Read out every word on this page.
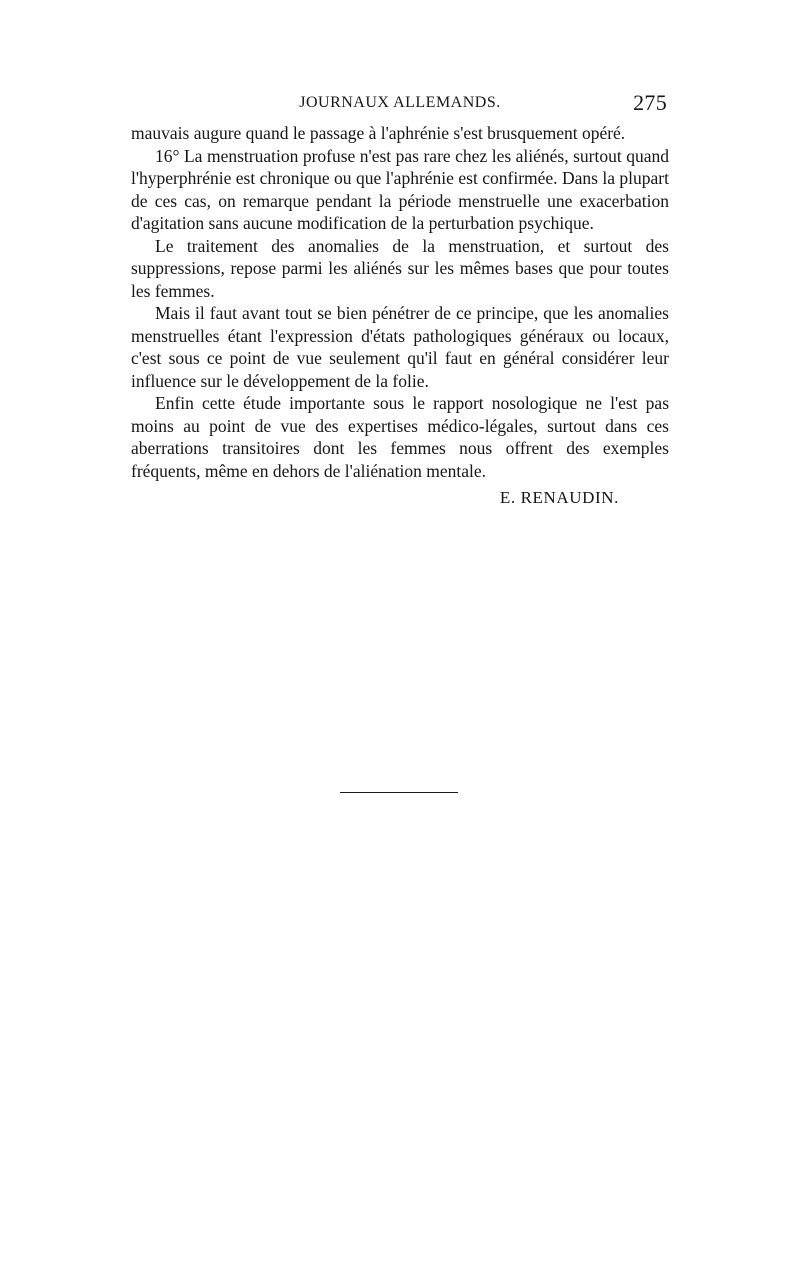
JOURNAUX ALLEMANDS.	275

mauvais augure quand le passage à l'aphrénie s'est brusquement opéré.

16° La menstruation profuse n'est pas rare chez les aliénés, surtout quand l'hyperphrénie est chronique ou que l'aphrénie est confirmée. Dans la plupart de ces cas, on remarque pendant la période menstruelle une exacerbation d'agitation sans aucune modification de la perturbation psychique.

Le traitement des anomalies de la menstruation, et surtout des suppressions, repose parmi les aliénés sur les mêmes bases que pour toutes les femmes.

Mais il faut avant tout se bien pénétrer de ce principe, que les anomalies menstruelles étant l'expression d'états pathologiques généraux ou locaux, c'est sous ce point de vue seulement qu'il faut en général considérer leur influence sur le développement de la folie.

Enfin cette étude importante sous le rapport nosologique ne l'est pas moins au point de vue des expertises médico-légales, surtout dans ces aberrations transitoires dont les femmes nous offrent des exemples fréquents, même en dehors de l'aliénation mentale.

E. RENAUDIN.
